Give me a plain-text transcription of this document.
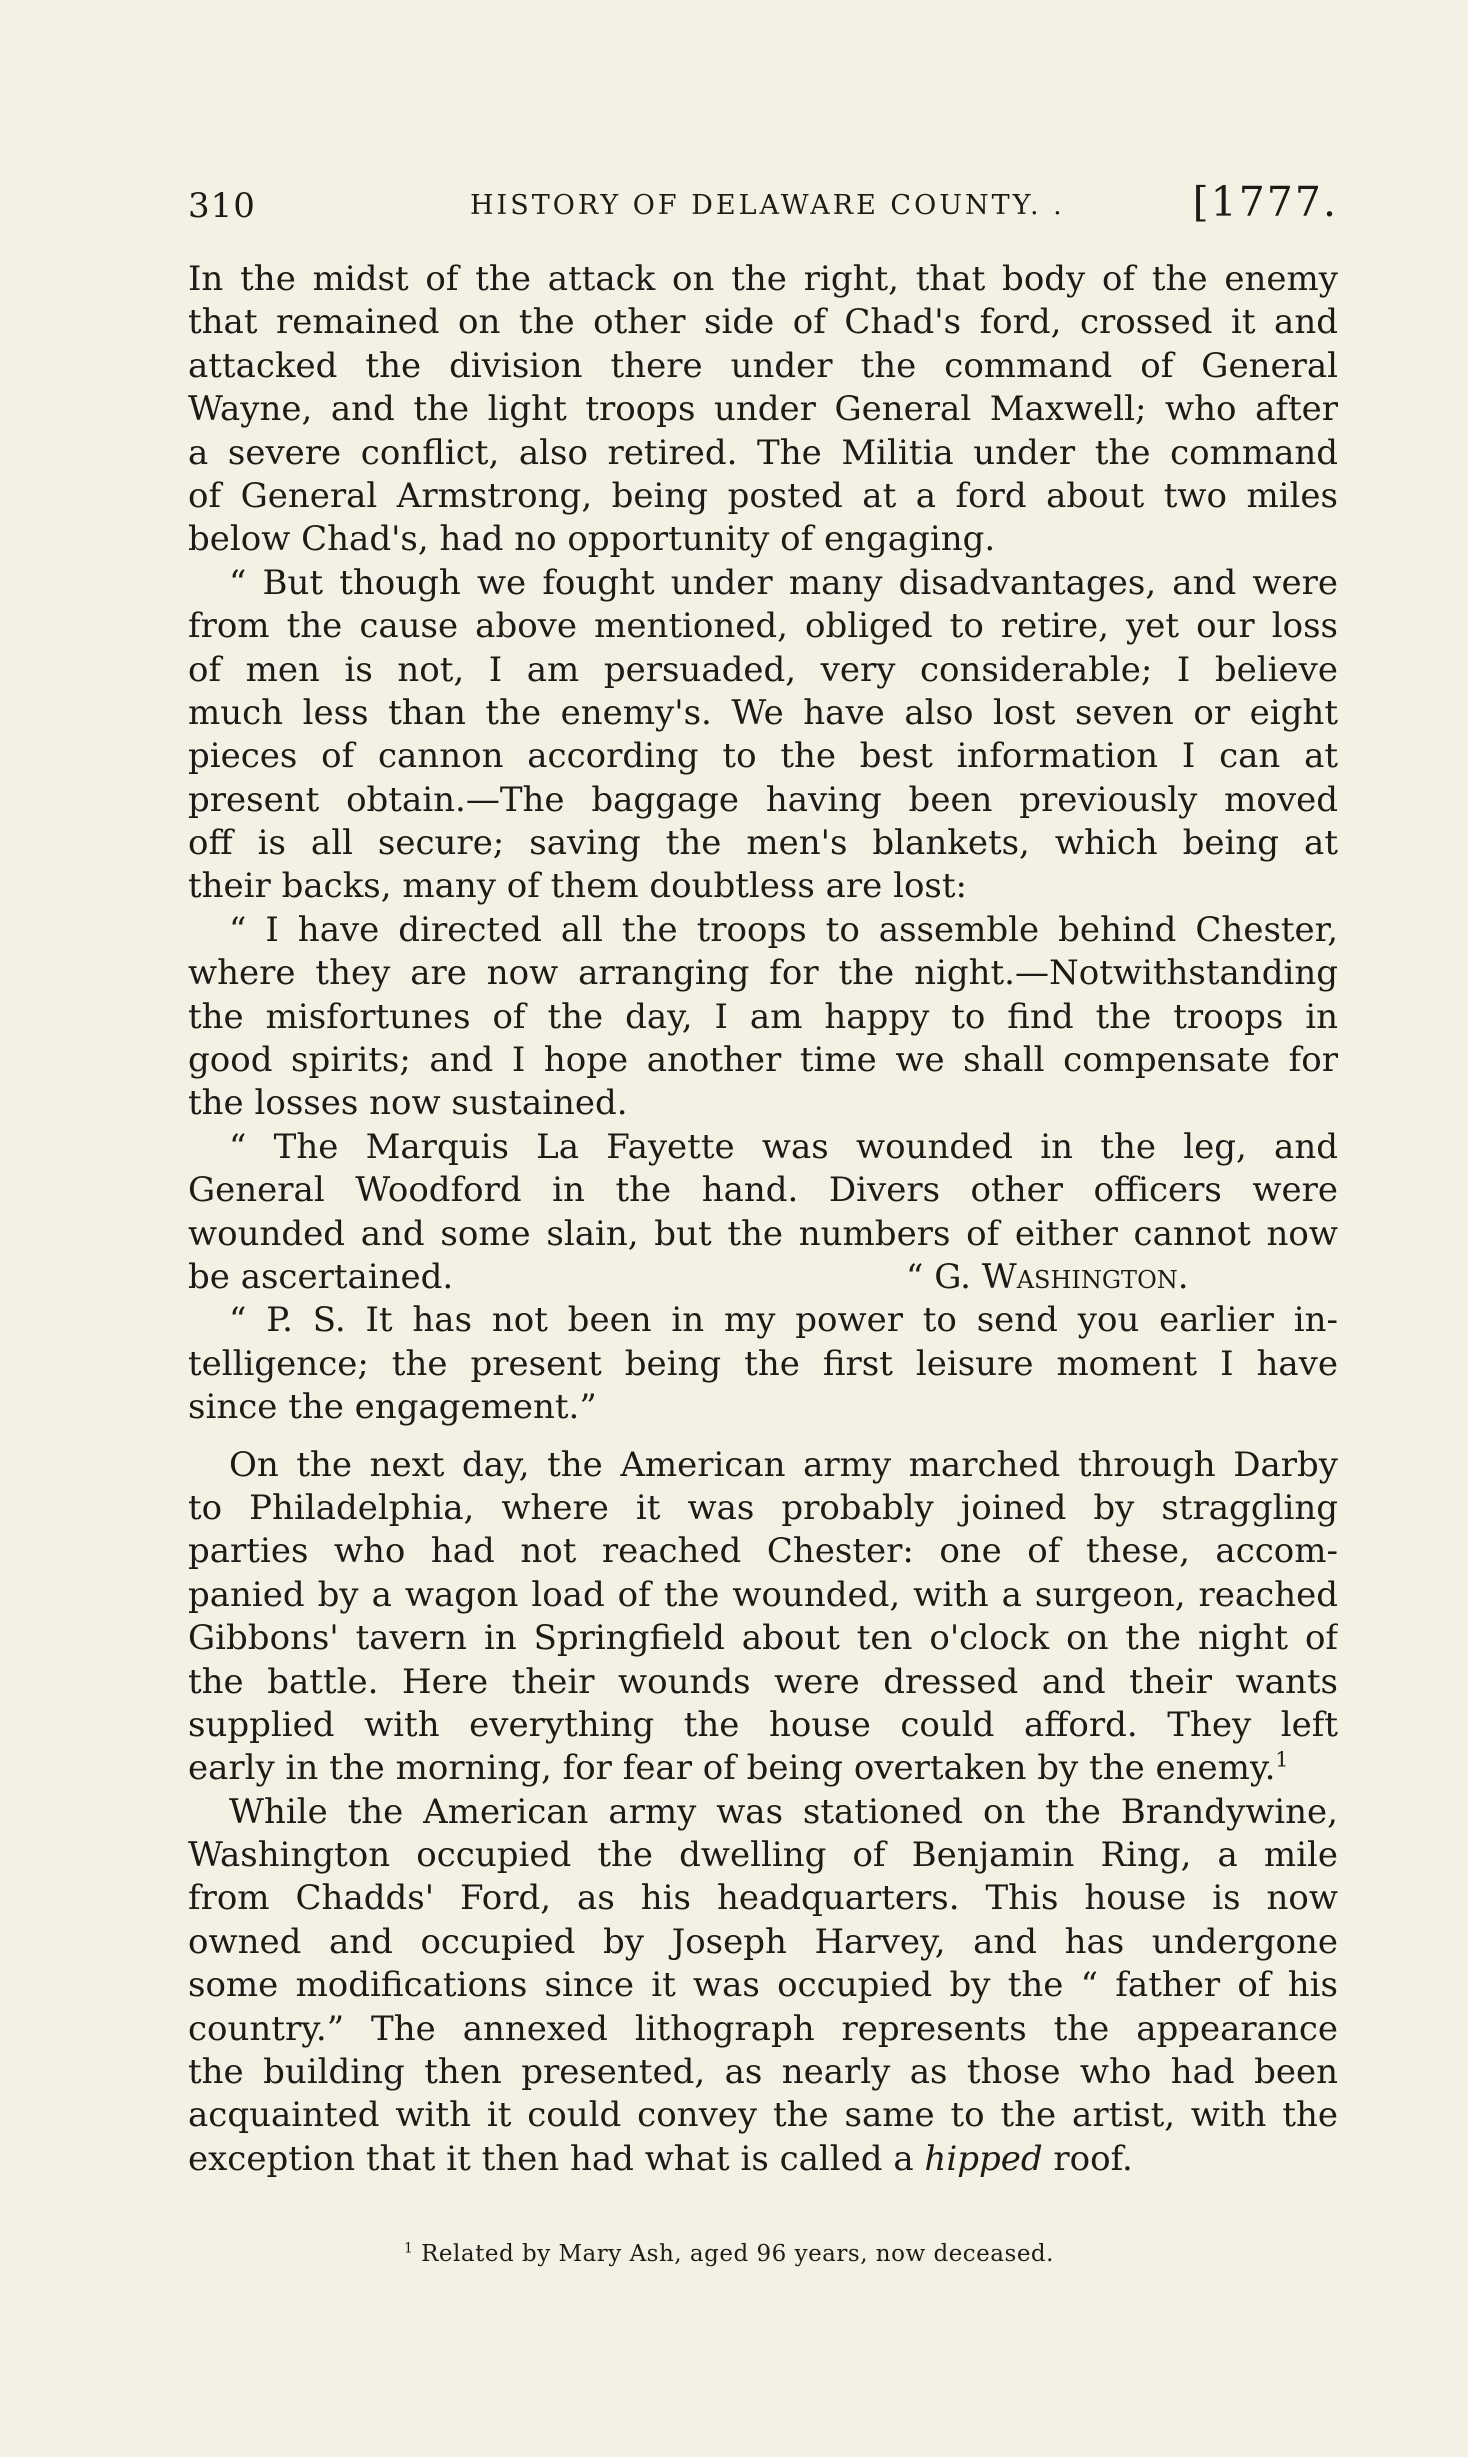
310	HISTORY OF DELAWARE COUNTY. .	[1777.
In the midst of the attack on the right, that body of the enemy
that remained on the other side of Chad's ford, crossed it and
attacked the division there under the command of General
Wayne, and the light troops under General Maxwell; who after
a severe conflict, also retired. The Militia under the command
of General Armstrong, being posted at a ford about two miles
below Chad's, had no opportunity of engaging.
“ But though we fought under many disadvantages, and were
from the cause above mentioned, obliged to retire, yet our loss
of men is not, I am persuaded, very considerable; I believe
much less than the enemy's. We have also lost seven or eight
pieces of cannon according to the best information I can at
present obtain.—The baggage having been previously moved
off is all secure; saving the men's blankets, which being at
their backs, many of them doubtless are lost:
“ I have directed all the troops to assemble behind Chester,
where they are now arranging for the night.—Notwithstanding
the misfortunes of the day, I am happy to find the troops in
good spirits; and I hope another time we shall compensate for
the losses now sustained.
“ The Marquis La Fayette was wounded in the leg, and
General Woodford in the hand. Divers other officers were
wounded and some slain, but the numbers of either cannot now
be ascertained.	“ G. Washington.
“ P. S. It has not been in my power to send you earlier in-
telligence; the present being the first leisure moment I have
since the engagement.”
On the next day, the American army marched through Darby
to Philadelphia, where it was probably joined by straggling
parties who had not reached Chester: one of these, accom-
panied by a wagon load of the wounded, with a surgeon, reached
Gibbons' tavern in Springfield about ten o'clock on the night of
the battle. Here their wounds were dressed and their wants
supplied with everything the house could afford. They left
early in the morning, for fear of being overtaken by the enemy.$^1$
While the American army was stationed on the Brandywine,
Washington occupied the dwelling of Benjamin Ring, a mile
from Chadds' Ford, as his headquarters. This house is now
owned and occupied by Joseph Harvey, and has undergone
some modifications since it was occupied by the “ father of his
country.” The annexed lithograph represents the appearance
the building then presented, as nearly as those who had been
acquainted with it could convey the same to the artist, with the
exception that it then had what is called a hipped roof.
$^1$ Related by Mary Ash, aged 96 years, now deceased.
